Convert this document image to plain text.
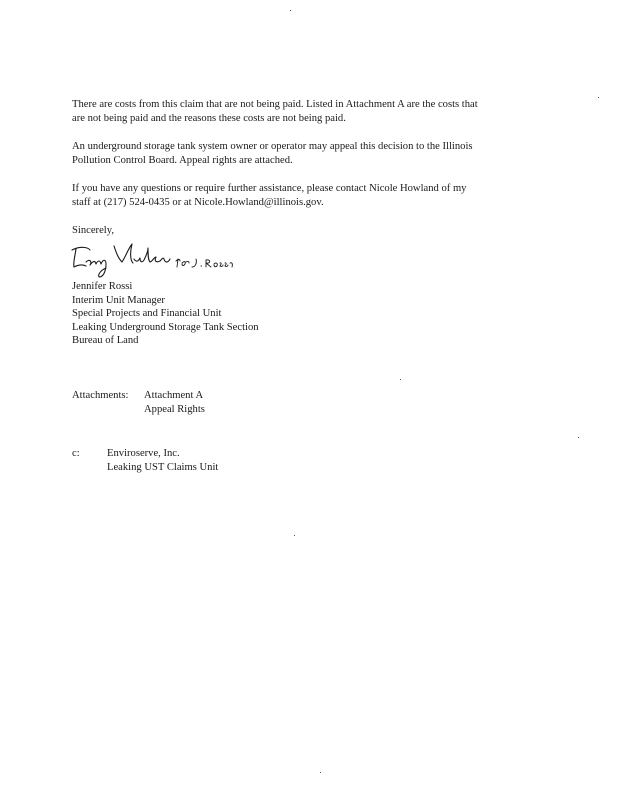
There are costs from this claim that are not being paid. Listed in Attachment A are the costs that
are not being paid and the reasons these costs are not being paid.

An underground storage tank system owner or operator may appeal this decision to the Illinois
Pollution Control Board. Appeal rights are attached.

If you have any questions or require further assistance, please contact Nicole Howland of my
staff at (217) 524-0435 or at Nicole.Howland@illinois.gov.

Sincerely,

Jennifer Rossi
Interim Unit Manager
Special Projects and Financial Unit
Leaking Underground Storage Tank Section
Bureau of Land
Attachments: Attachment A
Appeal Rights
c:	Enviroserve, Inc.
Leaking UST Claims Unit
